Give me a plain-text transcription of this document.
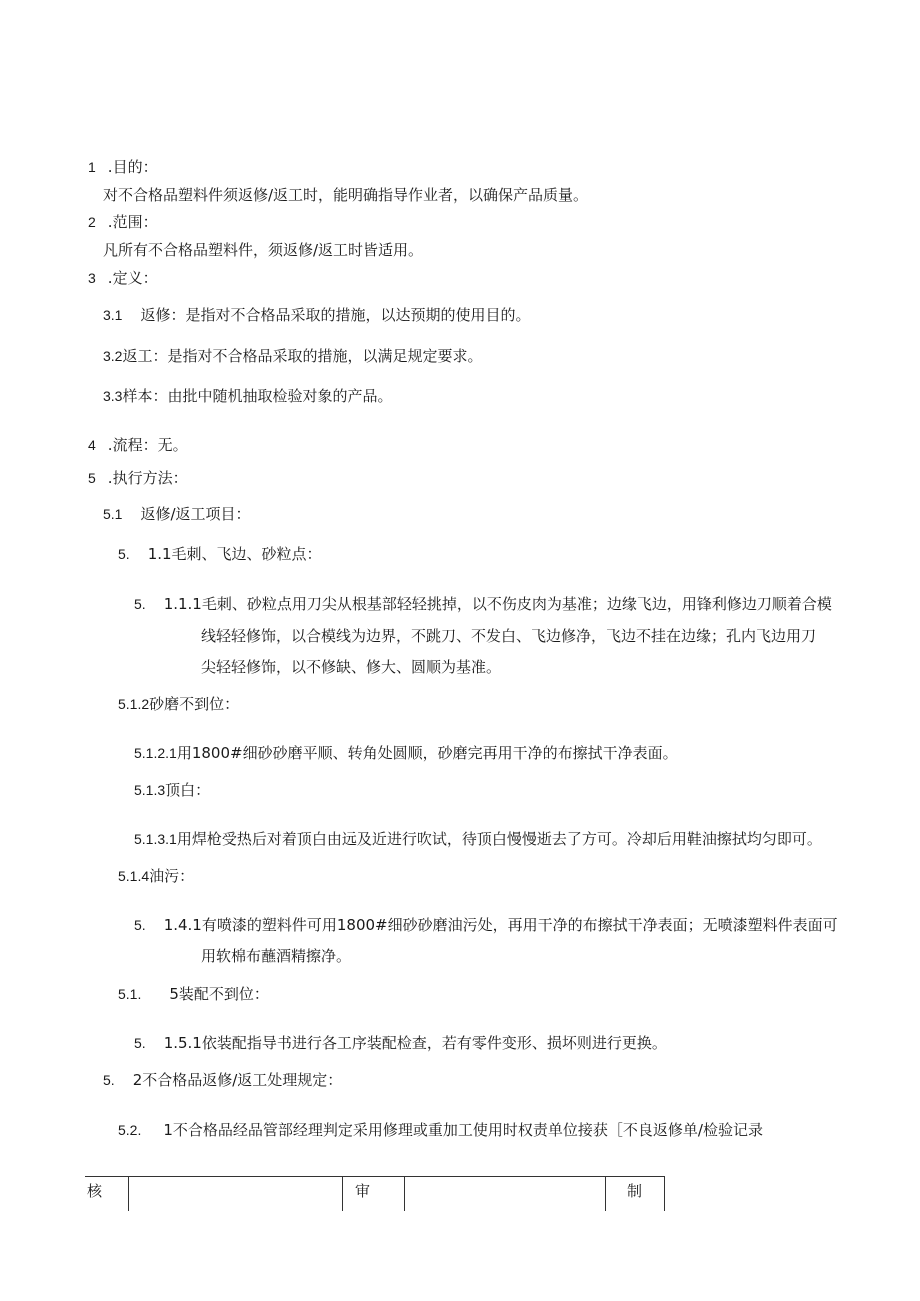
1 .目的：
对不合格品塑料件须返修/返工时，能明确指导作业者，以确保产品质量。
2 .范围：
凡所有不合格品塑料件，须返修/返工时皆适用。
3 .定义：
3.1 返修：是指对不合格品采取的措施，以达预期的使用目的。
3.2返工：是指对不合格品采取的措施，以满足规定要求。
3.3样本：由批中随机抽取检验对象的产品。
4 .流程：无。
5 .执行方法：
5.1 返修/返工项目：
5. 1.1毛刺、飞边、砂粒点：
5. 1.1.1毛刺、砂粒点用刀尖从根基部轻轻挑掉，以不伤皮肉为基准；边缘飞边，用锋利修边刀顺着合模
线轻轻修饰，以合模线为边界，不跳刀、不发白、飞边修净，飞边不挂在边缘；孔内飞边用刀
尖轻轻修饰，以不修缺、修大、圆顺为基准。
5.1.2砂磨不到位：
5.1.2.1用1800#细砂砂磨平顺、转角处圆顺，砂磨完再用干净的布擦拭干净表面。
5.1.3顶白：
5.1.3.1用焊枪受热后对着顶白由远及近进行吹试，待顶白慢慢逝去了方可。冷却后用鞋油擦拭均匀即可。
5.1.4油污：
5. 1.4.1有喷漆的塑料件可用1800#细砂砂磨油污处，再用干净的布擦拭干净表面；无喷漆塑料件表面可
用软棉布蘸酒精擦净。
5.1. 5装配不到位：
5. 1.5.1依装配指导书进行各工序装配检查，若有零件变形、损坏则进行更换。
5. 2不合格品返修/返工处理规定：
5.2. 1不合格品经品管部经理判定采用修理或重加工使用时权责单位接获［不良返修单/检验记录
核	审	制
